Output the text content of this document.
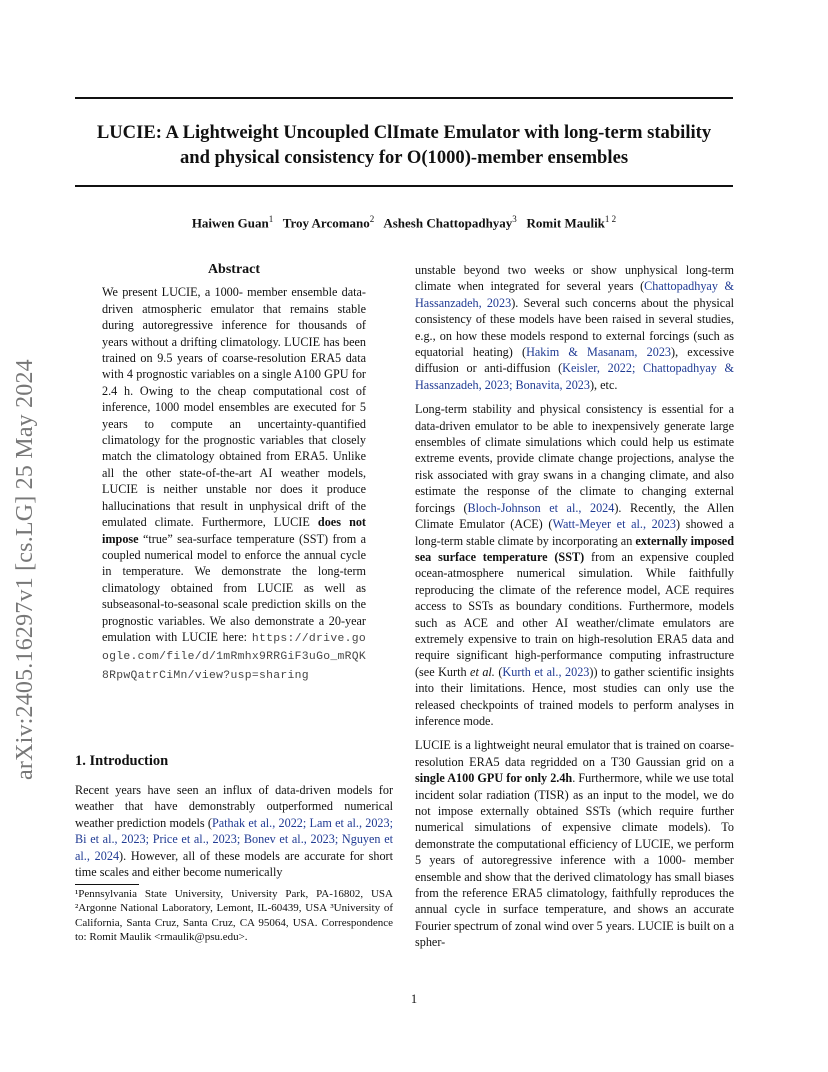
arXiv:2405.16297v1 [cs.LG] 25 May 2024
LUCIE: A Lightweight Uncoupled ClImate Emulator with long-term stability
and physical consistency for O(1000)-member ensembles
Haiwen Guan$^1$ Troy Arcomano$^2$ Ashesh Chattopadhyay$^3$ Romit Maulik$^{1 2}$
Abstract

We present LUCIE, a 1000- member ensemble data-driven atmospheric emulator that remains stable during autoregressive inference for thousands of years without a drifting climatology. LUCIE has been trained on 9.5 years of coarse-resolution ERA5 data with 4 prognostic variables on a single A100 GPU for 2.4 h. Owing to the cheap computational cost of inference, 1000 model ensembles are executed for 5 years to compute an uncertainty-quantified climatology for the prognostic variables that closely match the climatology obtained from ERA5. Unlike all the other state-of-the-art AI weather models, LUCIE is neither unstable nor does it produce hallucinations that result in unphysical drift of the emulated climate. Furthermore, LUCIE does not impose “true” sea-surface temperature (SST) from a coupled numerical model to enforce the annual cycle in temperature. We demonstrate the long-term climatology obtained from LUCIE as well as subseasonal-to-seasonal scale prediction skills on the prognostic variables. We also demonstrate a 20-year emulation with LUCIE here: https://drive.google.com/file/d/1mRmhx9RRGiF3uGo_mRQK8RpwQatrCiMn/view?usp=sharing

1. Introduction

Recent years have seen an influx of data-driven models for weather that have demonstrably outperformed numerical weather prediction models (Pathak et al., 2022; Lam et al., 2023; Bi et al., 2023; Price et al., 2023; Bonev et al., 2023; Nguyen et al., 2024). However, all of these models are accurate for short time scales and either become numerically

¹Pennsylvania State University, University Park, PA-16802, USA ²Argonne National Laboratory, Lemont, IL-60439, USA ³University of California, Santa Cruz, Santa Cruz, CA 95064, USA. Correspondence to: Romit Maulik <rmaulik@psu.edu>.

unstable beyond two weeks or show unphysical long-term climate when integrated for several years (Chattopadhyay & Hassanzadeh, 2023). Several such concerns about the physical consistency of these models have been raised in several studies, e.g., on how these models respond to external forcings (such as equatorial heating) (Hakim & Masanam, 2023), excessive diffusion or anti-diffusion (Keisler, 2022; Chattopadhyay & Hassanzadeh, 2023; Bonavita, 2023), etc.

Long-term stability and physical consistency is essential for a data-driven emulator to be able to inexpensively generate large ensembles of climate simulations which could help us estimate extreme events, provide climate change projections, analyse the risk associated with gray swans in a changing climate, and also estimate the response of the climate to changing external forcings (Bloch-Johnson et al., 2024). Recently, the Allen Climate Emulator (ACE) (Watt-Meyer et al., 2023) showed a long-term stable climate by incorporating an externally imposed sea surface temperature (SST) from an expensive coupled ocean-atmosphere numerical simulation. While faithfully reproducing the climate of the reference model, ACE requires access to SSTs as boundary conditions. Furthermore, models such as ACE and other AI weather/climate emulators are extremely expensive to train on high-resolution ERA5 data and require significant high-performance computing infrastructure (see Kurth et al. (Kurth et al., 2023)) to gather scientific insights into their limitations. Hence, most studies can only use the released checkpoints of trained models to perform analyses in inference mode.

LUCIE is a lightweight neural emulator that is trained on coarse-resolution ERA5 data regridded on a T30 Gaussian grid on a single A100 GPU for only 2.4h. Furthermore, while we use total incident solar radiation (TISR) as an input to the model, we do not impose externally obtained SSTs (which require further numerical simulations of expensive climate models). To demonstrate the computational efficiency of LUCIE, we perform 5 years of autoregressive inference with a 1000- member ensemble and show that the derived climatology has small biases from the reference ERA5 climatology, faithfully reproduces the annual cycle in surface temperature, and shows an accurate Fourier spectrum of zonal wind over 5 years. LUCIE is built on a spher-

1
